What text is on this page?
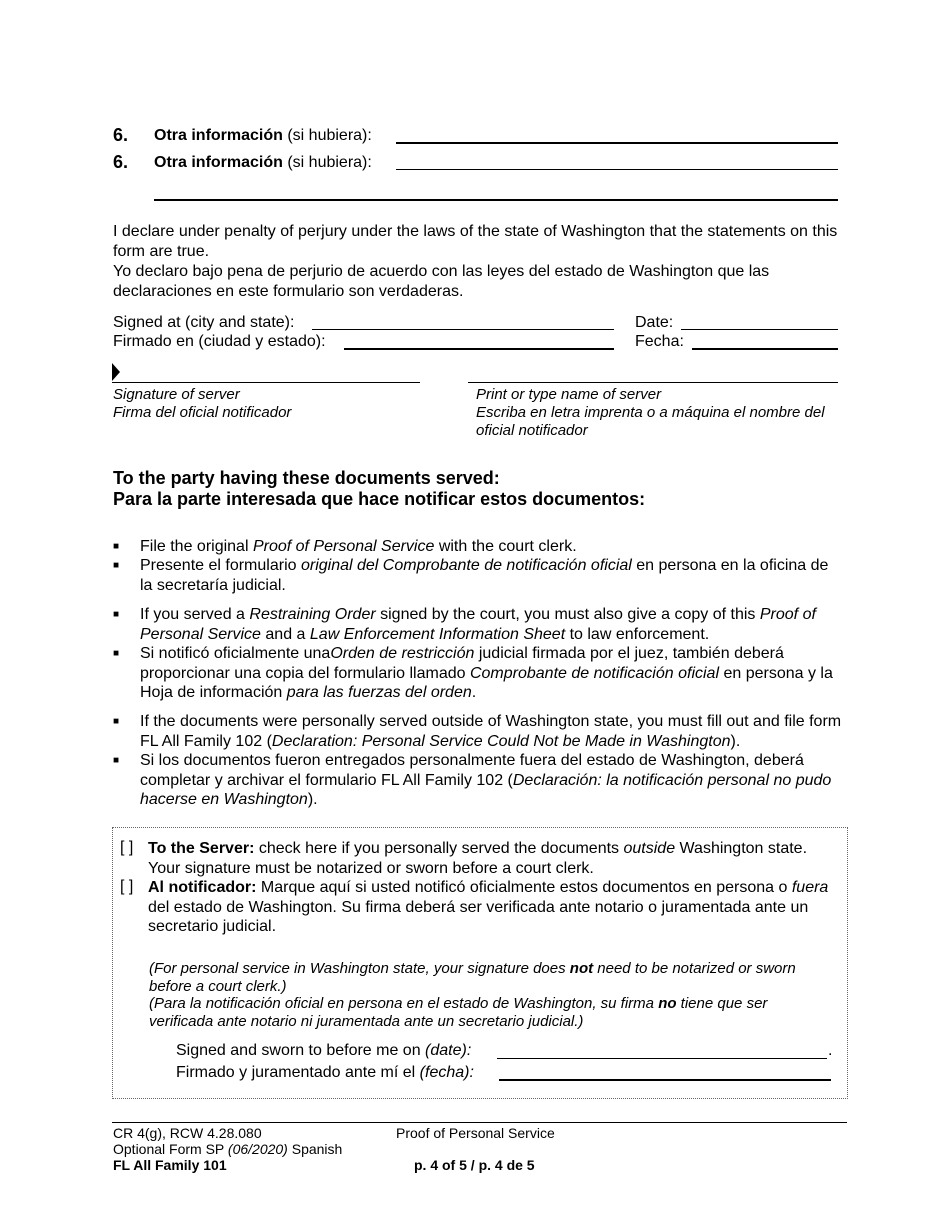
6. Otra información (si hubiera):
6. Otra información (si hubiera):
I declare under penalty of perjury under the laws of the state of Washington that the statements on this form are true.
Yo declaro bajo pena de perjurio de acuerdo con las leyes del estado de Washington que las declaraciones en este formulario son verdaderas.
Signed at (city and state):
Firmado en (ciudad y estado):
Date:
Fecha:
Signature of server
Firma del oficial notificador
Print or type name of server
Escriba en letra imprenta o a máquina el nombre del oficial notificador
To the party having these documents served:
Para la parte interesada que hace notificar estos documentos:
■ File the original Proof of Personal Service with the court clerk.
■ Presente el formulario original del Comprobante de notificación oficial en persona en la oficina de la secretaría judicial.
■ If you served a Restraining Order signed by the court, you must also give a copy of this Proof of Personal Service and a Law Enforcement Information Sheet to law enforcement.
■ Si notificó oficialmente unaOrden de restricción judicial firmada por el juez, también deberá proporcionar una copia del formulario llamado Comprobante de notificación oficial en persona y la Hoja de información para las fuerzas del orden.
■ If the documents were personally served outside of Washington state, you must fill out and file form FL All Family 102 (Declaration: Personal Service Could Not be Made in Washington).
■ Si los documentos fueron entregados personalmente fuera del estado de Washington, deberá completar y archivar el formulario FL All Family 102 (Declaración: la notificación personal no pudo hacerse en Washington).
[ ] To the Server: check here if you personally served the documents outside Washington state. Your signature must be notarized or sworn before a court clerk.
[ ] Al notificador: Marque aquí si usted notificó oficialmente estos documentos en persona o fuera del estado de Washington. Su firma deberá ser verificada ante notario o juramentada ante un secretario judicial.
(For personal service in Washington state, your signature does not need to be notarized or sworn before a court clerk.)
(Para la notificación oficial en persona en el estado de Washington, su firma no tiene que ser verificada ante notario ni juramentada ante un secretario judicial.)
Signed and sworn to before me on (date):	.
Firmado y juramentado ante mí el (fecha):
CR 4(g), RCW 4.28.080
Optional Form SP (06/2020) Spanish
FL All Family 101
Proof of Personal Service
p. 4 of 5 / p. 4 de 5
